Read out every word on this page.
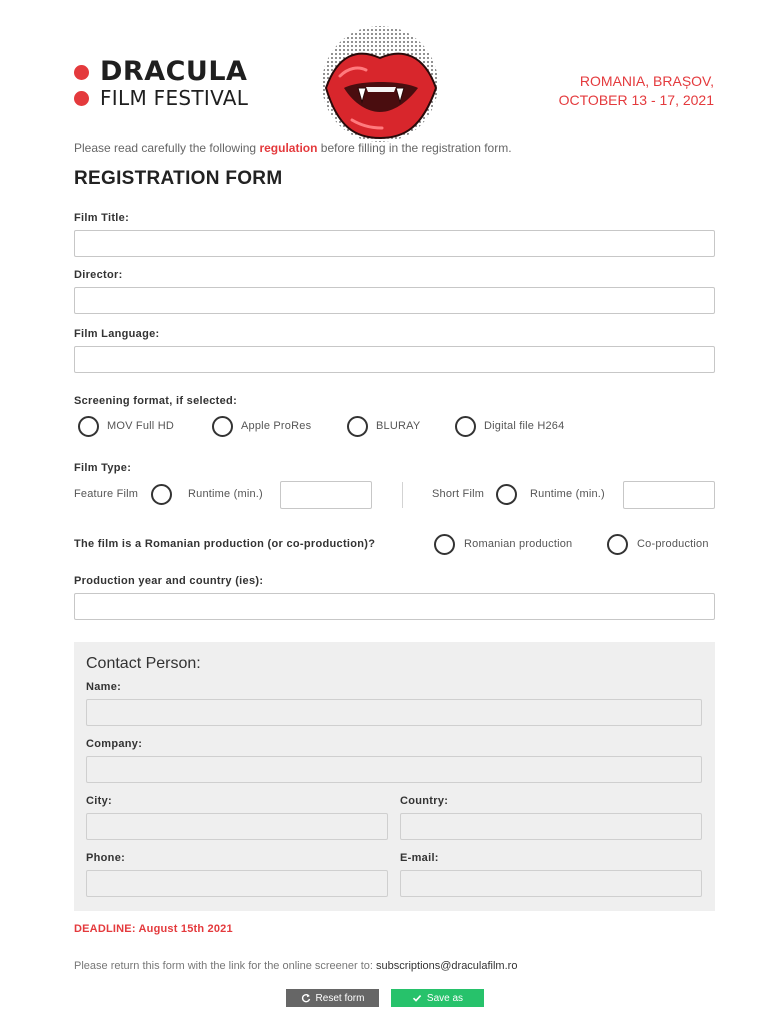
DRACULA
FILM FESTIVAL
ROMANIA, BRAȘOV,
OCTOBER 13 - 17, 2021
Please read carefully the following regulation before filling in the registration form.
REGISTRATION FORM
Film Title:
Director:
Film Language:
Screening format, if selected:
MOV Full HD	Apple ProRes	BLURAY	Digital file H264
Film Type:
Feature Film	Runtime (min.)	Short Film	Runtime (min.)
The film is a Romanian production (or co-production)?	Romanian production	Co-production
Production year and country (ies):
Contact Person:
Name:
Company:
City:	Country:
Phone:	E-mail:
DEADLINE: August 15th 2021
Please return this form with the link for the online screener to: subscriptions@draculafilm.ro
Reset form	Save as
